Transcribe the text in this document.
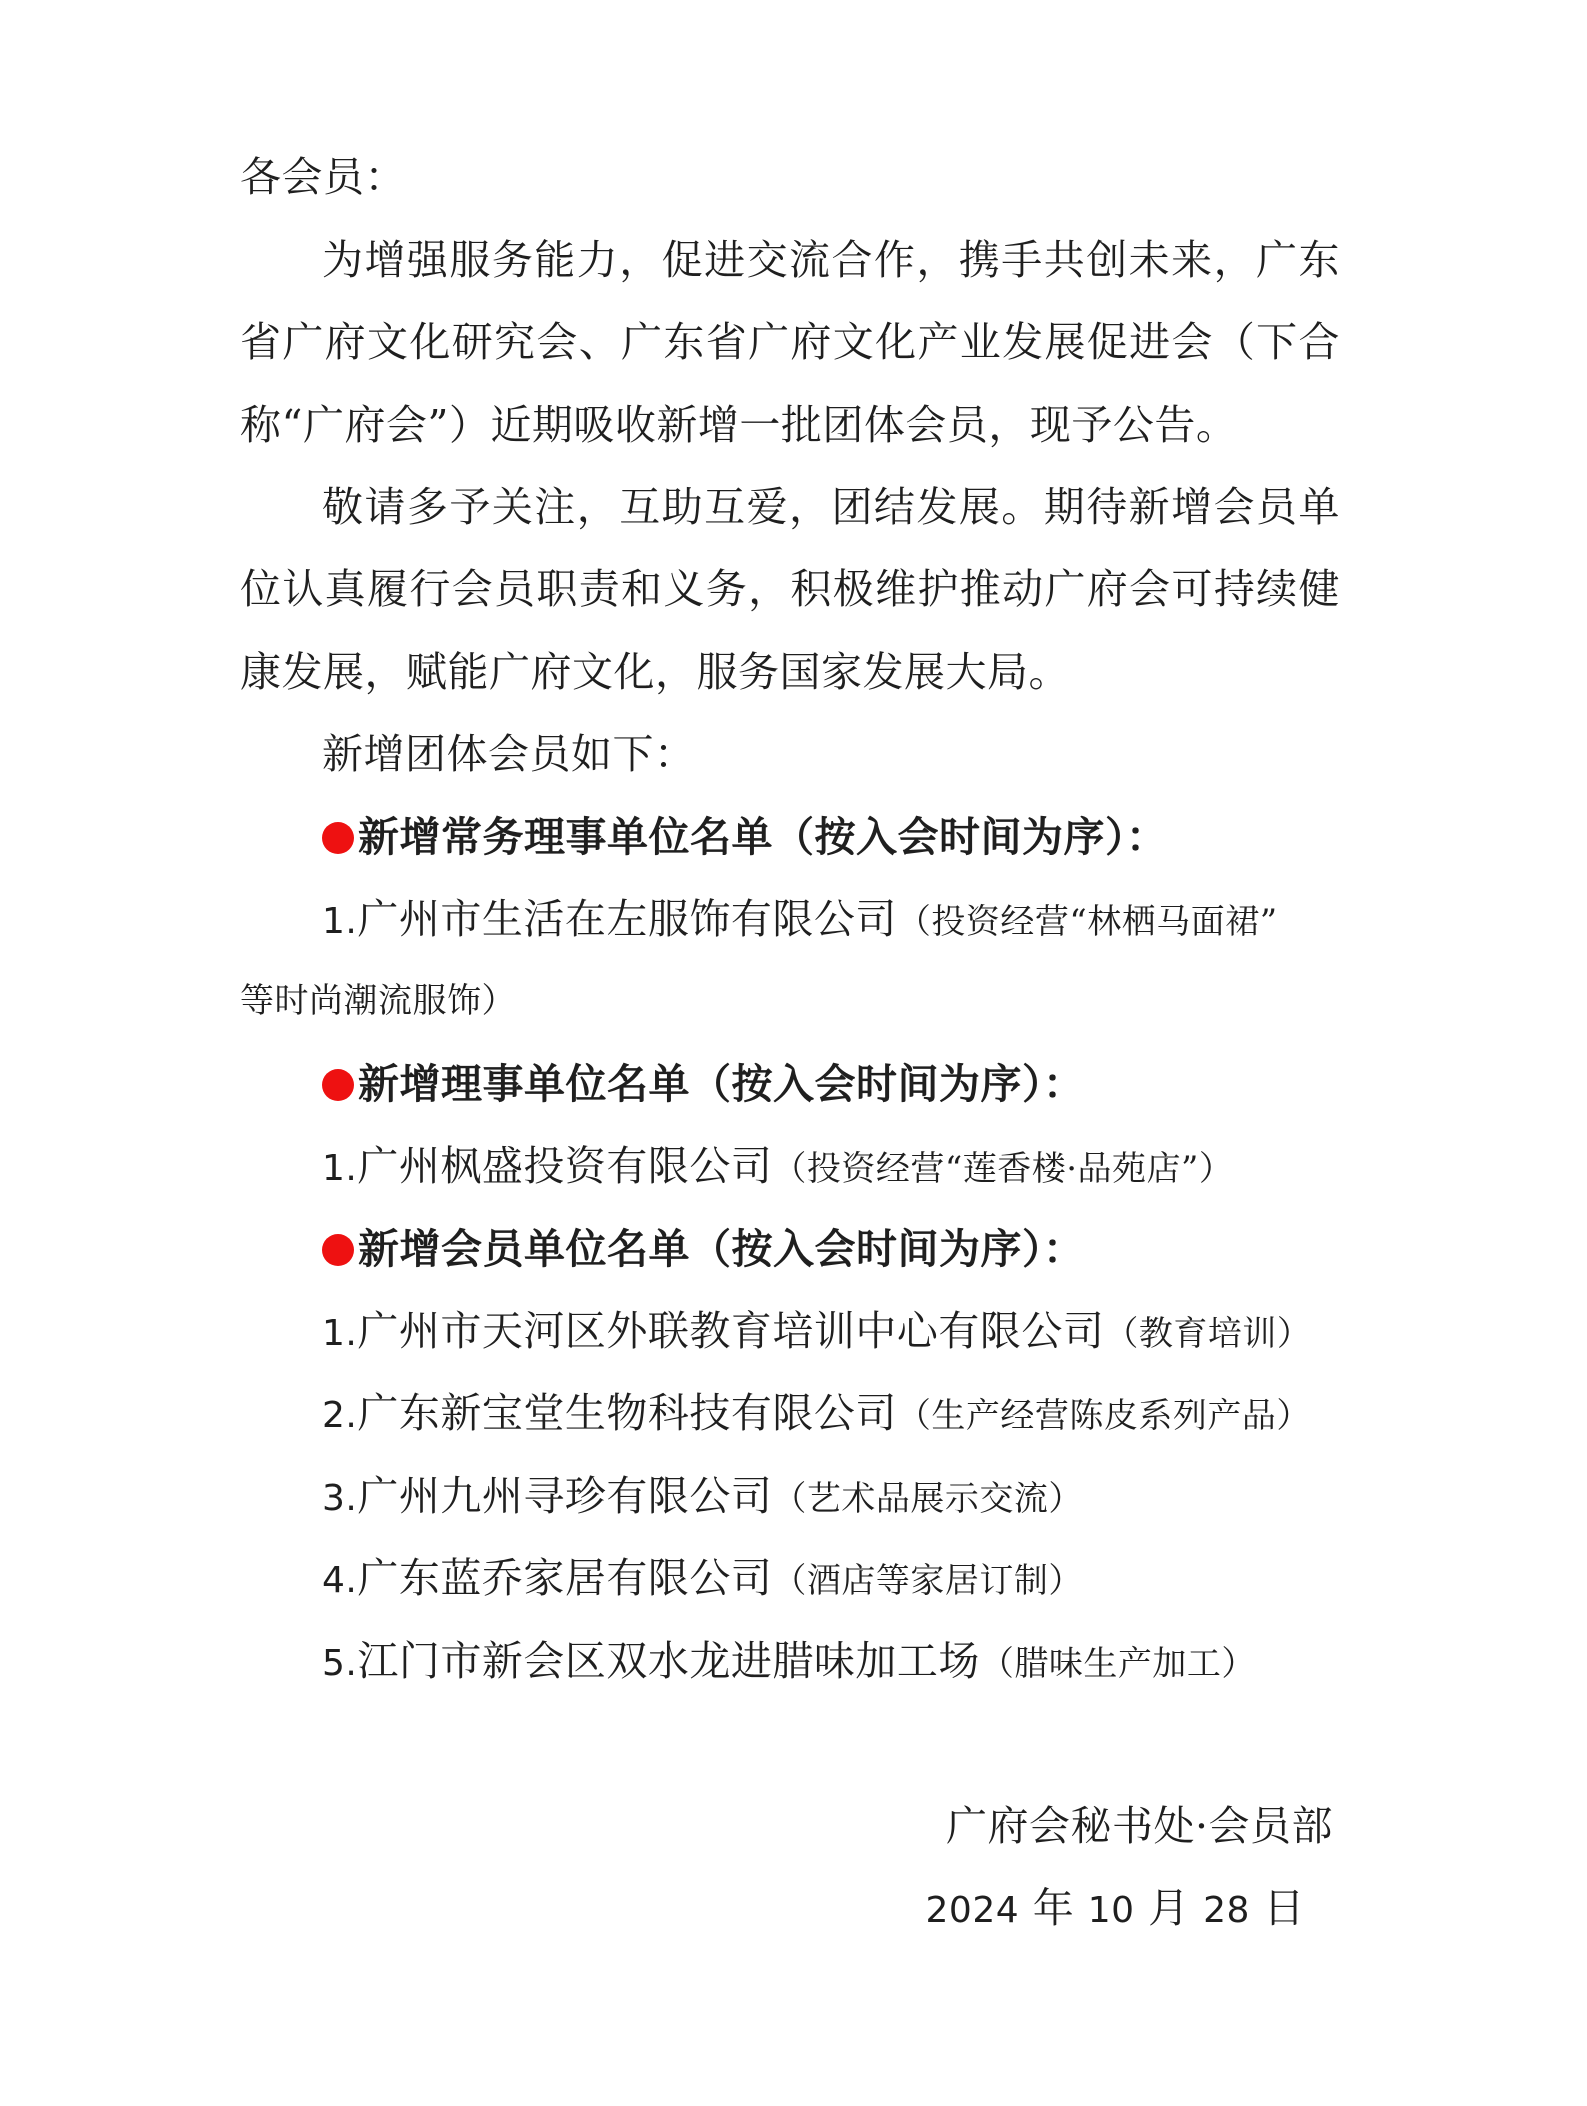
各会员：
为增强服务能力，促进交流合作，携手共创未来，广东
省广府文化研究会、广东省广府文化产业发展促进会（下合
称“广府会”）近期吸收新增一批团体会员，现予公告。
敬请多予关注，互助互爱，团结发展。期待新增会员单
位认真履行会员职责和义务，积极维护推动广府会可持续健
康发展，赋能广府文化，服务国家发展大局。
新增团体会员如下：
新增常务理事单位名单（按入会时间为序）：
1.广州市生活在左服饰有限公司（投资经营“林栖马面裙”
等时尚潮流服饰）
新增理事单位名单（按入会时间为序）：
1.广州枫盛投资有限公司（投资经营“莲香楼·品苑店”）
新增会员单位名单（按入会时间为序）：
1.广州市天河区外联教育培训中心有限公司（教育培训）
2.广东新宝堂生物科技有限公司（生产经营陈皮系列产品）
3.广州九州寻珍有限公司（艺术品展示交流）
4.广东蓝乔家居有限公司（酒店等家居订制）
5.江门市新会区双水龙进腊味加工场（腊味生产加工）
广府会秘书处·会员部
2024 年 10 月 28 日
